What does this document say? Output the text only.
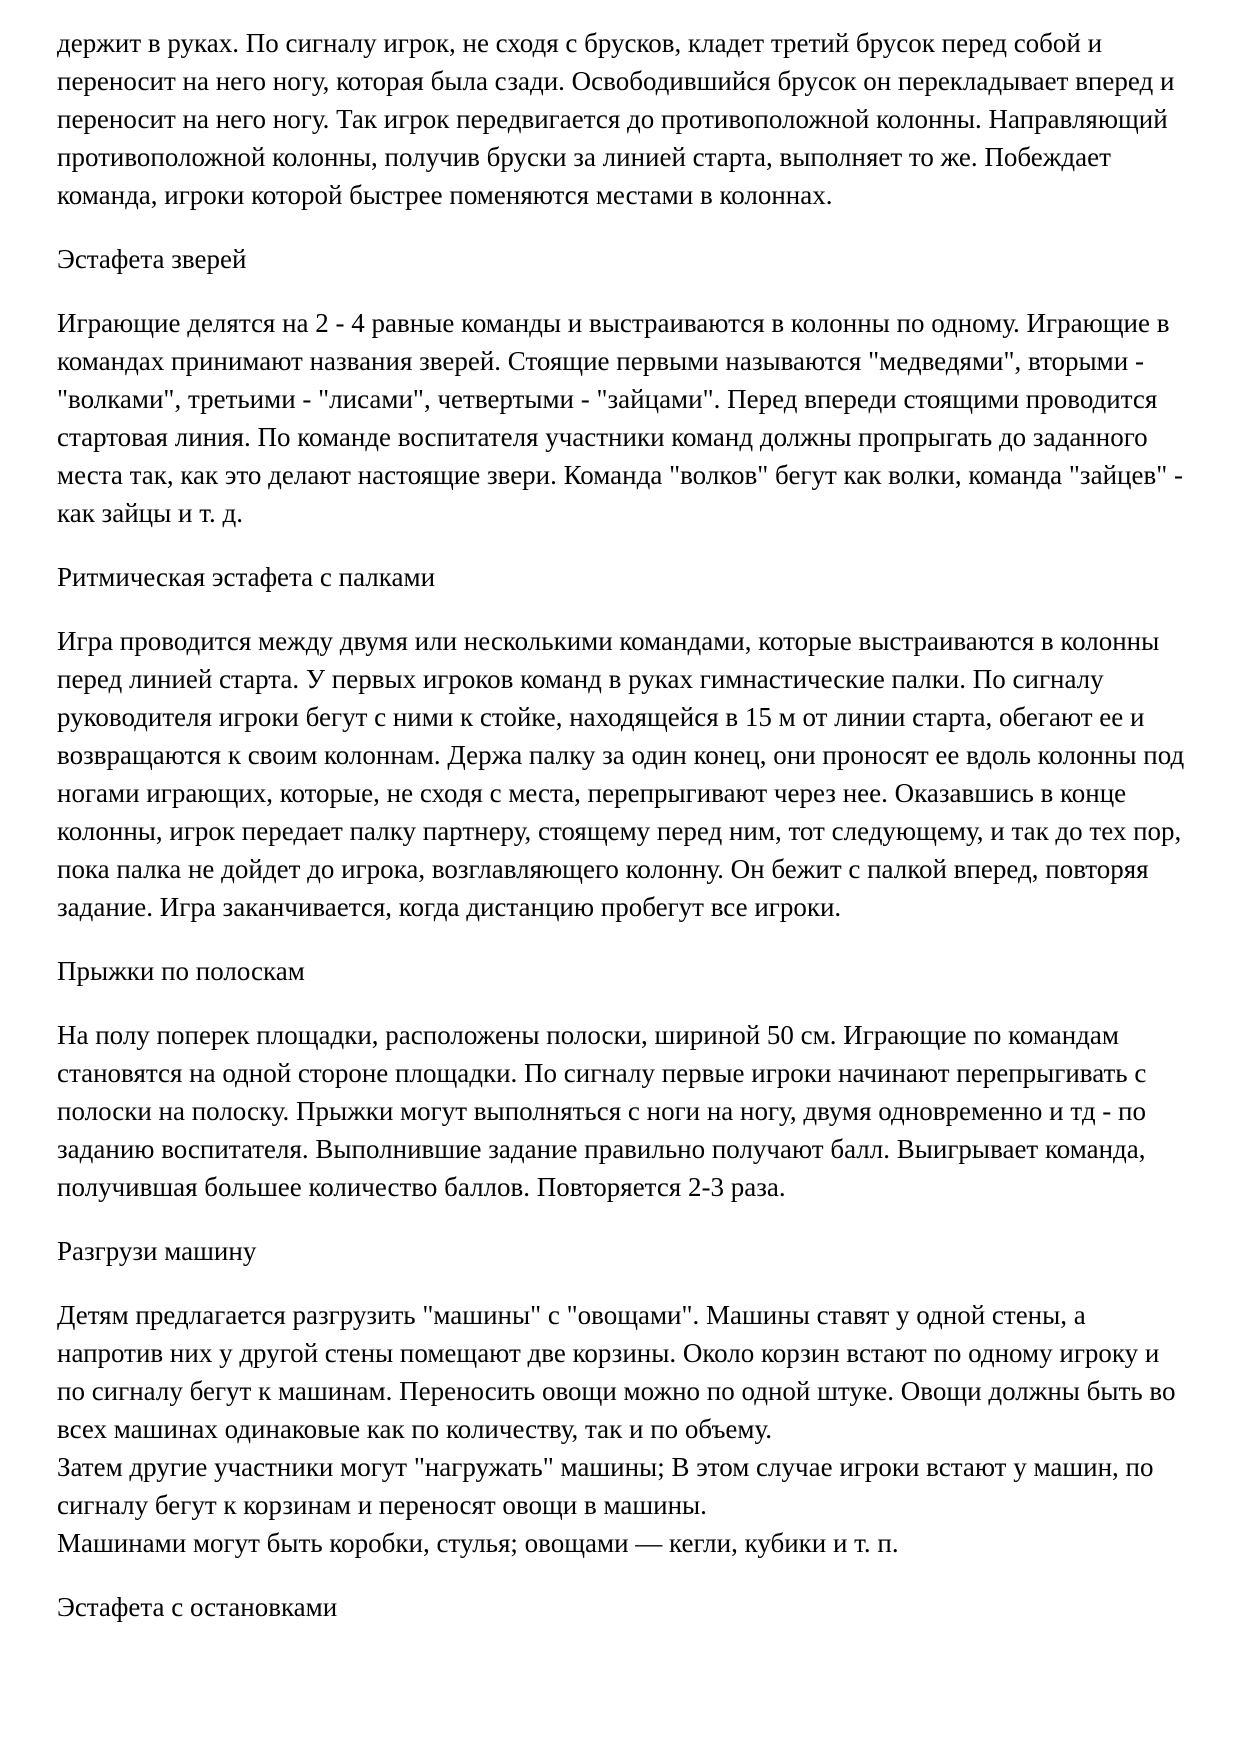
держит в руках. По сигналу игрок, не сходя с брусков, кладет третий брусок перед собой и переносит на него ногу, которая была сзади. Освободившийся брусок он перекладывает вперед и переносит на него ногу. Так игрок передвигается до противоположной колонны. Направляющий противоположной колонны, получив бруски за линией старта, выполняет то же. Побеждает команда, игроки которой быстрее поменяются местами в колоннах.

Эстафета зверей

Играющие делятся на 2 - 4 равные команды и выстраиваются в колонны по одному. Играющие в командах принимают названия зверей. Стоящие первыми называются "медведями", вторыми - "волками", третьими - "лисами", четвертыми - "зайцами". Перед впереди стоящими проводится стартовая линия. По команде воспитателя участники команд должны пропрыгать до заданного места так, как это делают настоящие звери. Команда "волков" бегут как волки, команда "зайцев" - как зайцы и т. д.

Ритмическая эстафета с палками

Игра проводится между двумя или несколькими командами, которые выстраиваются в колонны перед линией старта. У первых игроков команд в руках гимнастические палки. По сигналу руководителя игроки бегут с ними к стойке, находящейся в 15 м от линии старта, обегают ее и возвращаются к своим колоннам. Держа палку за один конец, они проносят ее вдоль колонны под ногами играющих, которые, не сходя с места, перепрыгивают через нее. Оказавшись в конце колонны, игрок передает палку партнеру, стоящему перед ним, тот следующему, и так до тех пор, пока палка не дойдет до игрока, возглавляющего колонну. Он бежит с палкой вперед, повторяя задание. Игра заканчивается, когда дистанцию пробегут все игроки.

Прыжки по полоскам

На полу поперек площадки, расположены полоски, шириной 50 см. Играющие по командам становятся на одной стороне площадки. По сигналу первые игроки начинают перепрыгивать с полоски на полоску. Прыжки могут выполняться с ноги на ногу, двумя одновременно и тд - по заданию воспитателя. Выполнившие задание правильно получают балл. Выигрывает команда, получившая большее количество баллов. Повторяется 2-3 раза.

Разгрузи машину

Детям предлагается разгрузить "машины" с "овощами". Машины ставят у одной стены, а напротив них у другой стены помещают две корзины. Около корзин встают по одному игроку и по сигналу бегут к машинам. Переносить овощи можно по одной штуке. Овощи должны быть во всех машинах одинаковые как по количеству, так и по объему.

Затем другие участники могут "нагружать" машины; В этом случае игроки встают у машин, по сигналу бегут к корзинам и переносят овощи в машины.

Машинами могут быть коробки, стулья; овощами — кегли, кубики и т. п.

Эстафета с остановками
